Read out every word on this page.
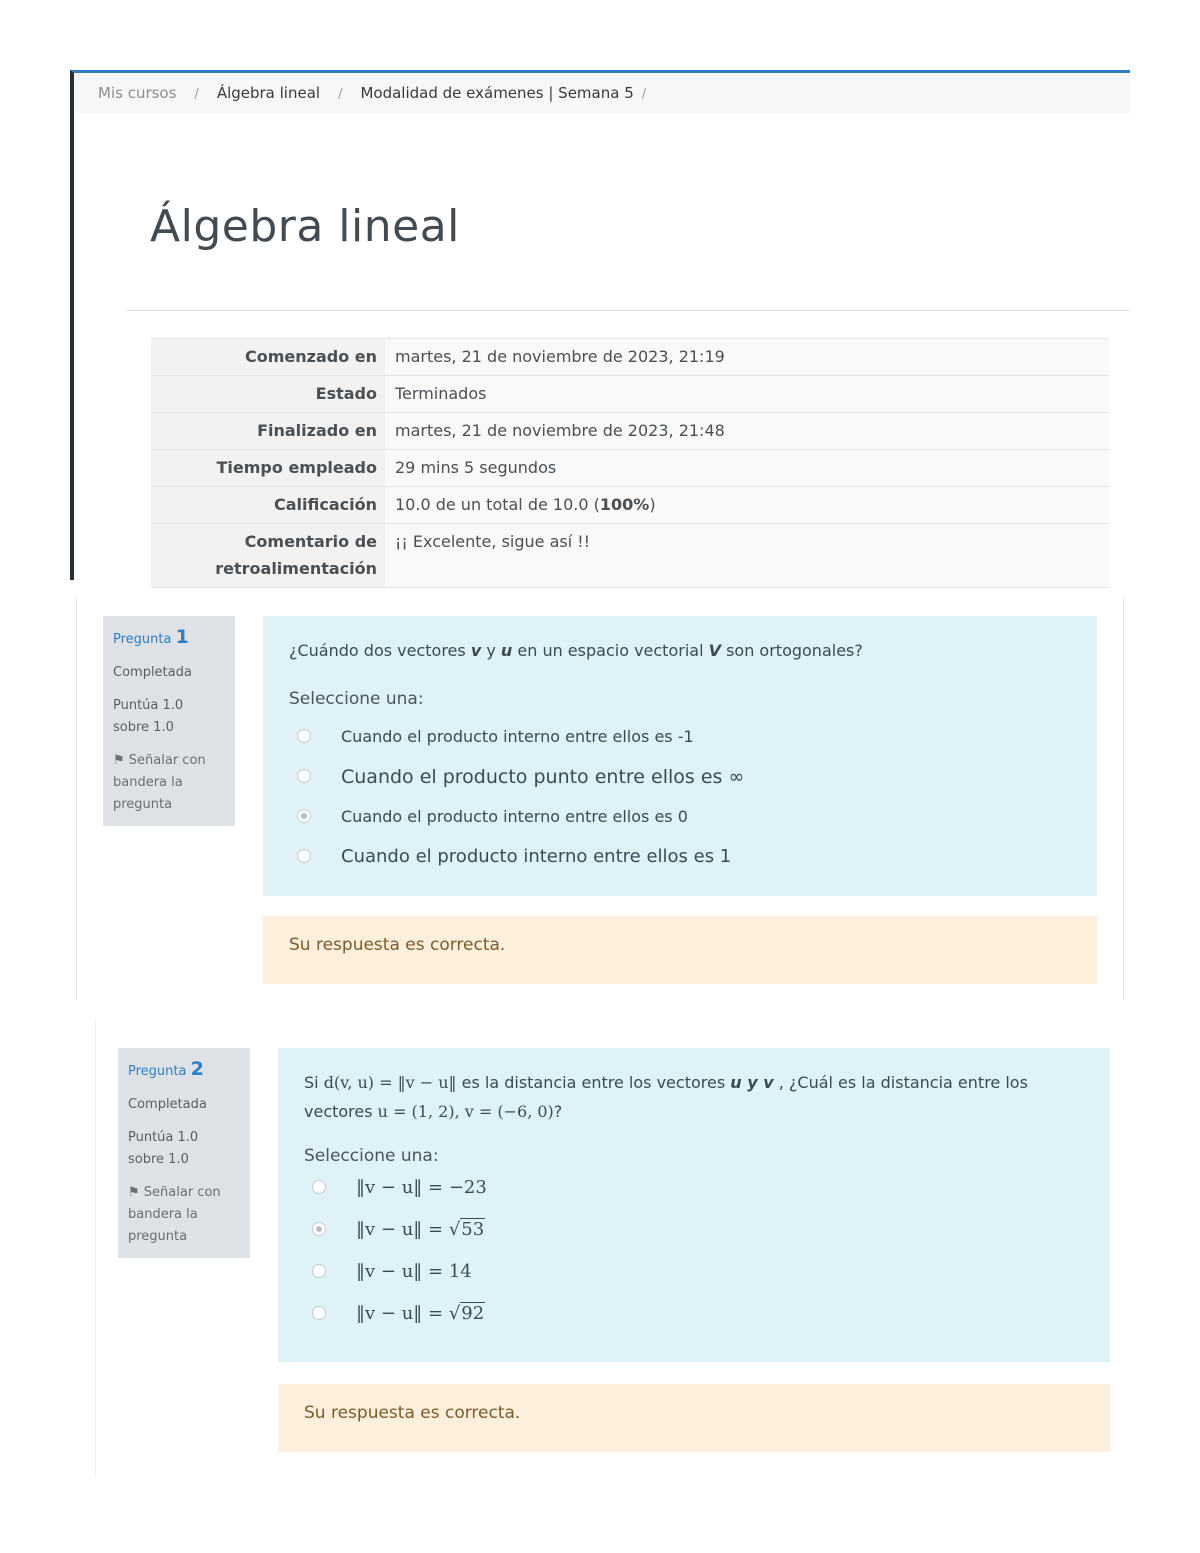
Mis cursos / Álgebra lineal / Modalidad de exámenes | Semana 5 /
Álgebra lineal
Comenzado en	martes, 21 de noviembre de 2023, 21:19
Estado	Terminados
Finalizado en	martes, 21 de noviembre de 2023, 21:48
Tiempo empleado	29 mins 5 segundos
Calificación	10.0 de un total de 10.0 (100%)
Comentario de retroalimentación	¡¡ Excelente, sigue así !!

Pregunta 1

Completada

Puntúa 1.0 sobre 1.0

⚑ Señalar con bandera la pregunta

¿Cuándo dos vectores v y u en un espacio vectorial V son ortogonales?
Seleccione una:
Cuando el producto interno entre ellos es -1
Cuando el producto punto entre ellos es ∞
Cuando el producto interno entre ellos es 0
Cuando el producto interno entre ellos es 1
Su respuesta es correcta.

Pregunta 2

Completada

Puntúa 1.0 sobre 1.0

⚑ Señalar con bandera la pregunta

Si d(v, u) = ‖v − u‖ es la distancia entre los vectores u y v , ¿Cuál es la distancia entre los
vectores u = (1, 2), v = (−6, 0)?
Seleccione una:
‖v − u‖ = −23
‖v − u‖ = √53
‖v − u‖ = 14
‖v − u‖ = √92
Su respuesta es correcta.
